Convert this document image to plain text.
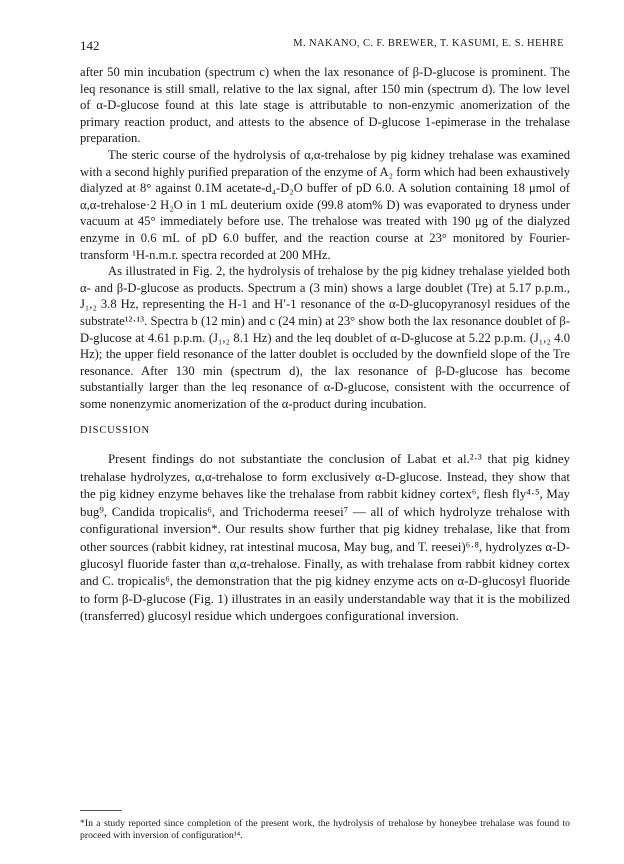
142	M. NAKANO, C. F. BREWER, T. KASUMI, E. S. HEHRE

after 50 min incubation (spectrum c) when the lax resonance of β-D-glucose is prominent. The leq resonance is still small, relative to the lax signal, after 150 min (spectrum d). The low level of α-D-glucose found at this late stage is attributable to non-enzymic anomerization of the primary reaction product, and attests to the absence of D-glucose 1-epimerase in the trehalase preparation.

The steric course of the hydrolysis of α,α-trehalose by pig kidney trehalase was examined with a second highly purified preparation of the enzyme of A₂ form which had been exhaustively dialyzed at 8° against 0.1M acetate-d₄-D₂O buffer of pD 6.0. A solution containing 18 μmol of α,α-trehalose·2 H₂O in 1 mL deuterium oxide (99.8 atom% D) was evaporated to dryness under vacuum at 45° immediately before use. The trehalose was treated with 190 μg of the dialyzed enzyme in 0.6 mL of pD 6.0 buffer, and the reaction course at 23° monitored by Fourier-transform ¹H-n.m.r. spectra recorded at 200 MHz.

As illustrated in Fig. 2, the hydrolysis of trehalose by the pig kidney trehalase yielded both α- and β-D-glucose as products. Spectrum a (3 min) shows a large doublet (Tre) at 5.17 p.p.m., J₁,₂ 3.8 Hz, representing the H-1 and H′-1 resonance of the α-D-glucopyranosyl residues of the substrate¹²·¹³. Spectra b (12 min) and c (24 min) at 23° show both the lax resonance doublet of β-D-glucose at 4.61 p.p.m. (J₁,₂ 8.1 Hz) and the leq doublet of α-D-glucose at 5.22 p.p.m. (J₁,₂ 4.0 Hz); the upper field resonance of the latter doublet is occluded by the downfield slope of the Tre resonance. After 130 min (spectrum d), the lax resonance of β-D-glucose has become substantially larger than the leq resonance of α-D-glucose, consistent with the occurrence of some nonenzymic anomerization of the α-product during incubation.

DISCUSSION

Present findings do not substantiate the conclusion of Labat et al.²·³ that pig kidney trehalase hydrolyzes, α,α-trehalose to form exclusively α-D-glucose. Instead, they show that the pig kidney enzyme behaves like the trehalase from rabbit kidney cortex⁶, flesh fly⁴·⁵, May bug⁹, Candida tropicalis⁶, and Trichoderma reesei⁷ — all of which hydrolyze trehalose with configurational inversion*. Our results show further that pig kidney trehalase, like that from other sources (rabbit kidney, rat intestinal mucosa, May bug, and T. reesei)⁶·⁸, hydrolyzes α-D-glucosyl fluoride faster than α,α-trehalose. Finally, as with trehalase from rabbit kidney cortex and C. tropicalis⁶, the demonstration that the pig kidney enzyme acts on α-D-glucosyl fluoride to form β-D-glucose (Fig. 1) illustrates in an easily understandable way that it is the mobilized (transferred) glucosyl residue which undergoes configurational inversion.

*In a study reported since completion of the present work, the hydrolysis of trehalose by honeybee trehalase was found to proceed with inversion of configuration¹⁴.
